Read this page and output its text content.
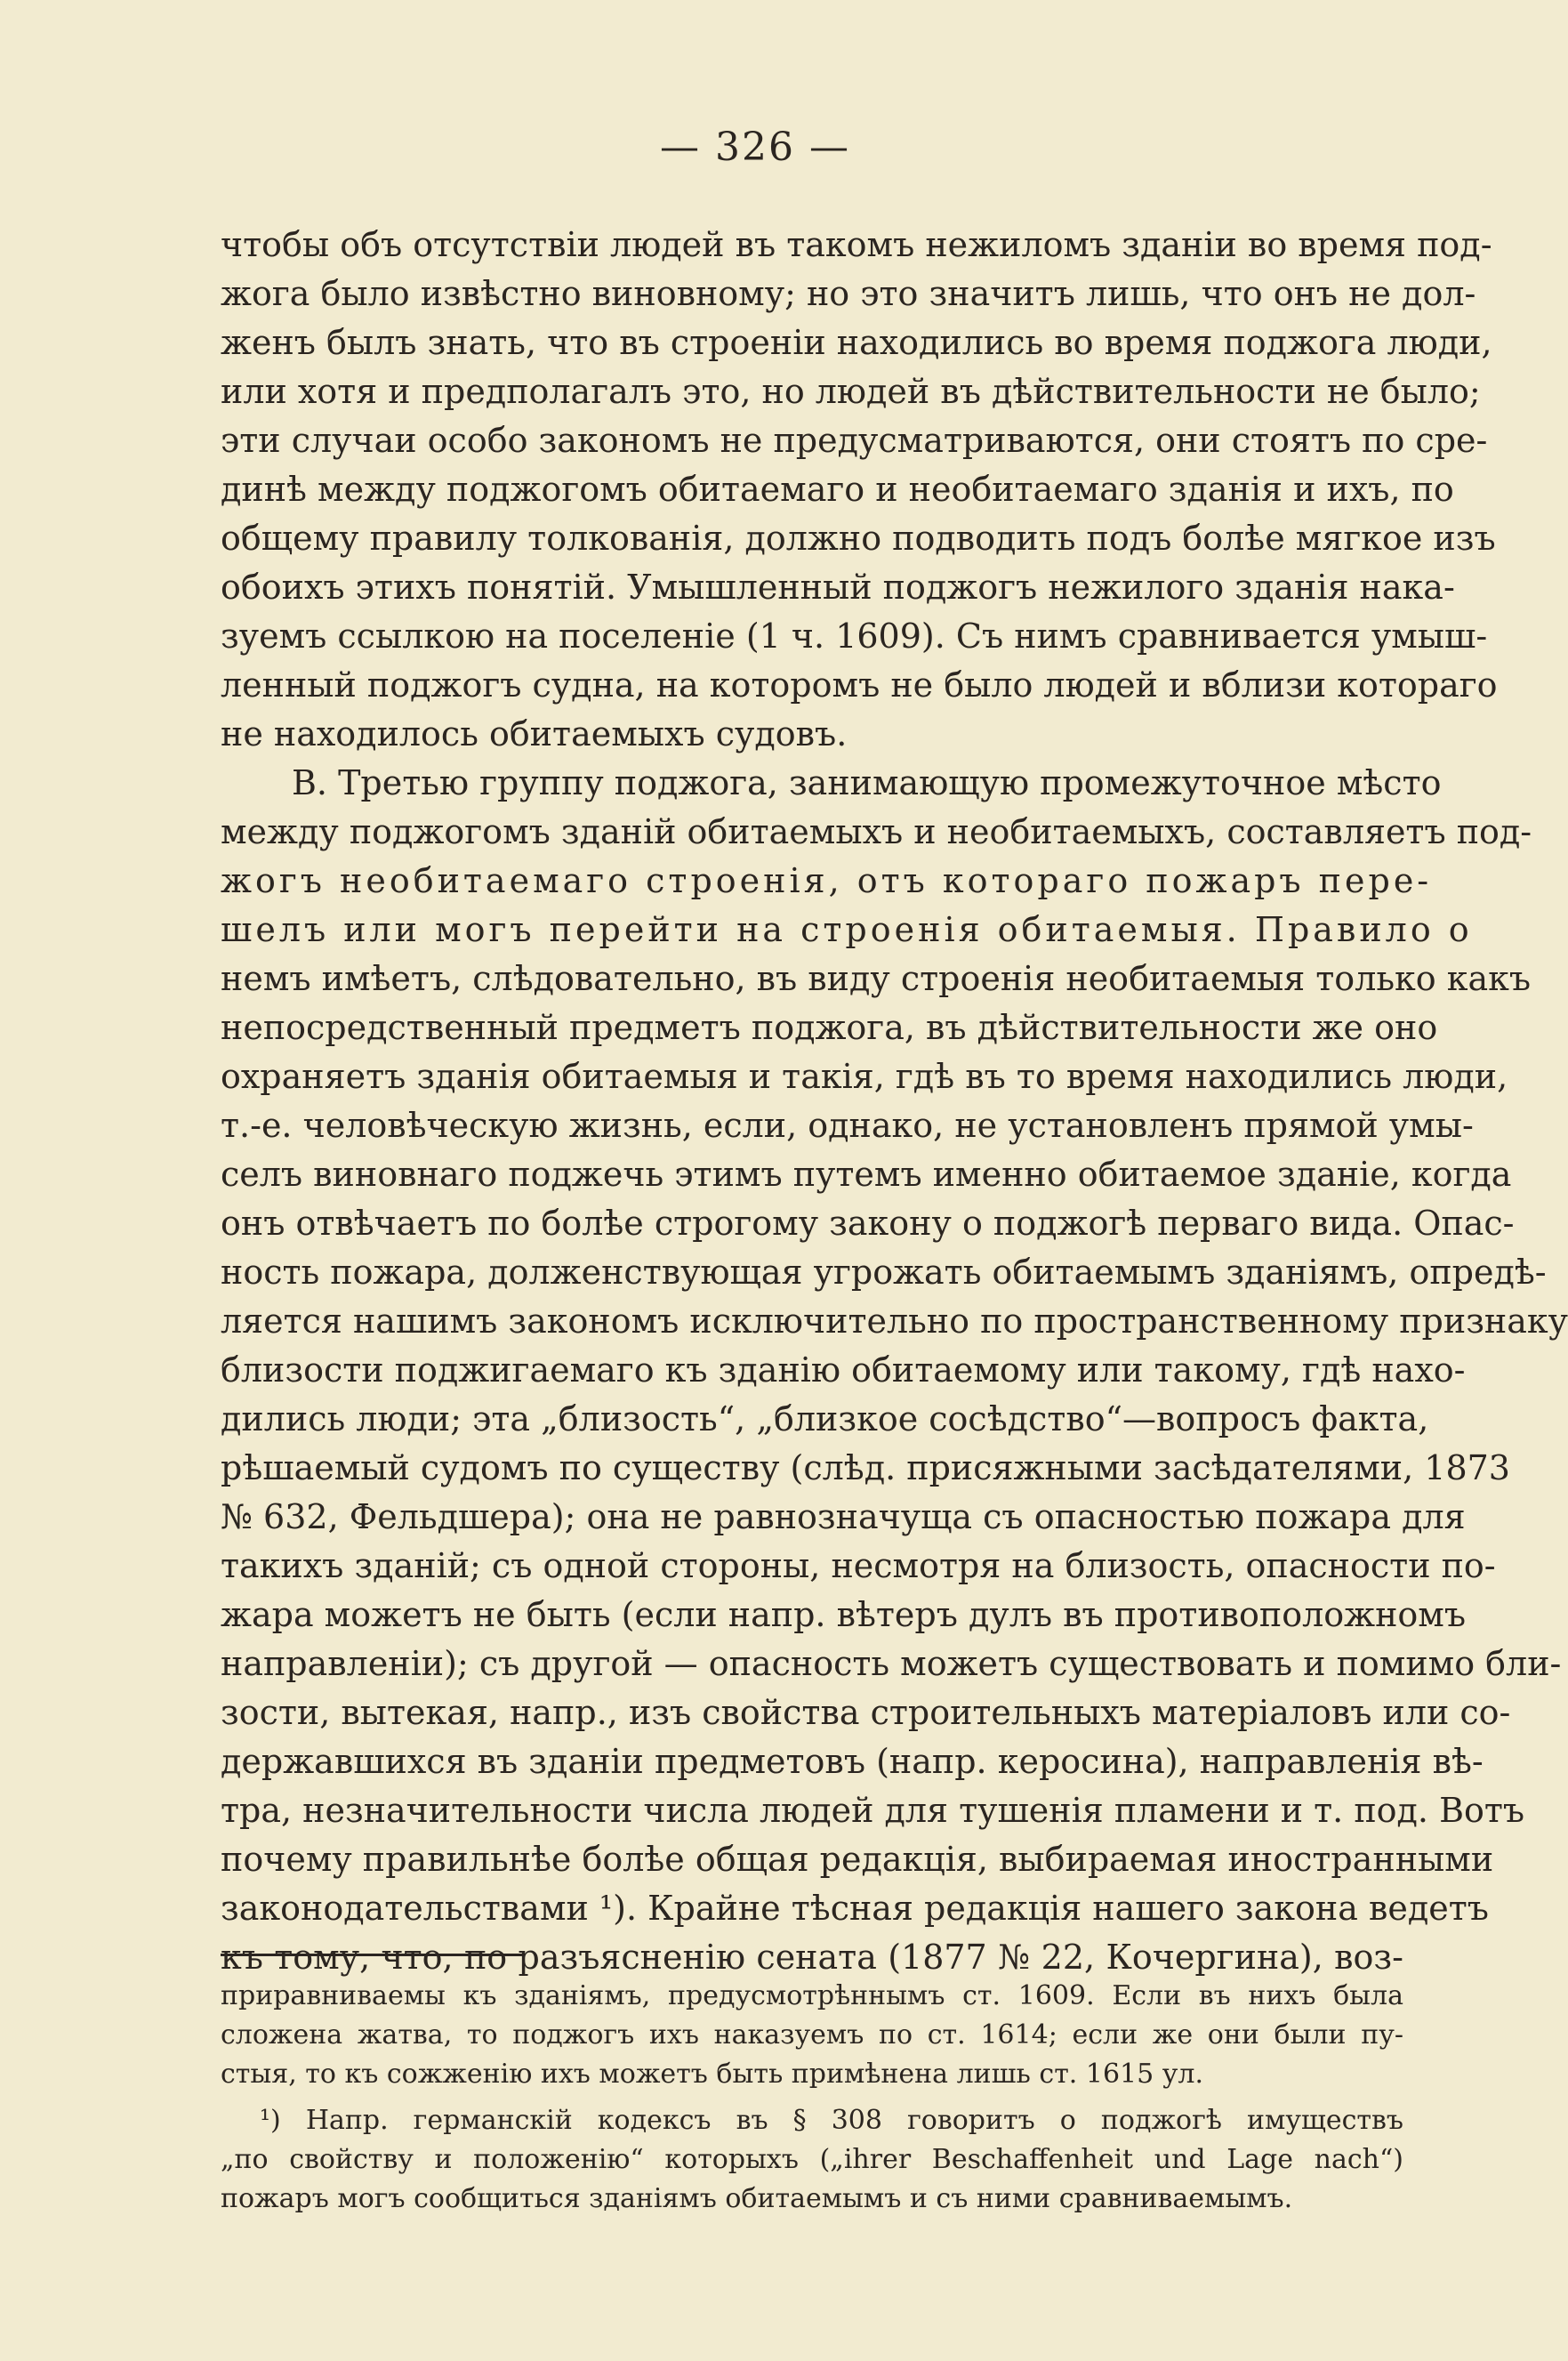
— 326 —
чтобы объ отсутствіи людей въ такомъ нежиломъ зданіи во время под-
жога было извѣстно виновному; но это значитъ лишь, что онъ не дол-
женъ былъ знать, что въ строеніи находились во время поджога люди,
или хотя и предполагалъ это, но людей въ дѣйствительности не было;
эти случаи особо закономъ не предусматриваются, они стоятъ по сре-
динѣ между поджогомъ обитаемаго и необитаемаго зданія и ихъ, по
общему правилу толкованія, должно подводить подъ болѣе мягкое изъ
обоихъ этихъ понятій. Умышленный поджогъ нежилого зданія нака-
зуемъ ссылкою на поселеніе (1 ч. 1609). Съ нимъ сравнивается умыш-
ленный поджогъ судна, на которомъ не было людей и вблизи котораго
не находилось обитаемыхъ судовъ.
В. Третью группу поджога, занимающую промежуточное мѣсто
между поджогомъ зданій обитаемыхъ и необитаемыхъ, составляетъ под-
жогъ необитаемаго строенія, отъ котораго пожаръ пере-
шелъ или могъ перейти на строенія обитаемыя. Правило о
немъ имѣетъ, слѣдовательно, въ виду строенія необитаемыя только какъ
непосредственный предметъ поджога, въ дѣйствительности же оно
охраняетъ зданія обитаемыя и такія, гдѣ въ то время находились люди,
т.-е. человѣческую жизнь, если, однако, не установленъ прямой умы-
селъ виновнаго поджечь этимъ путемъ именно обитаемое зданіе, когда
онъ отвѣчаетъ по болѣе строгому закону о поджогѣ перваго вида. Опас-
ность пожара, долженствующая угрожать обитаемымъ зданіямъ, опредѣ-
ляется нашимъ закономъ исключительно по пространственному признаку
близости поджигаемаго къ зданію обитаемому или такому, гдѣ нахо-
дились люди; эта „близость“, „близкое сосѣдство“—вопросъ факта,
рѣшаемый судомъ по существу (слѣд. присяжными засѣдателями, 1873
№ 632, Фельдшера); она не равнозначуща съ опасностью пожара для
такихъ зданій; съ одной стороны, несмотря на близость, опасности по-
жара можетъ не быть (если напр. вѣтеръ дулъ въ противоположномъ
направленіи); съ другой — опасность можетъ существовать и помимо бли-
зости, вытекая, напр., изъ свойства строительныхъ матеріаловъ или со-
державшихся въ зданіи предметовъ (напр. керосина), направленія вѣ-
тра, незначительности числа людей для тушенія пламени и т. под. Вотъ
почему правильнѣе болѣе общая редакція, выбираемая иностранными
законодательствами ¹). Крайне тѣсная редакція нашего закона ведетъ
къ тому, что, по разъясненію сената (1877 № 22, Кочергина), воз-
приравниваемы къ зданіямъ, предусмотрѣннымъ ст. 1609. Если въ нихъ была
сложена жатва, то поджогъ ихъ наказуемъ по ст. 1614; если же они были пу-
стыя, то къ сожженію ихъ можетъ быть примѣнена лишь ст. 1615 ул.
¹) Напр. германскій кодексъ въ § 308 говоритъ о поджогѣ имуществъ
„по свойству и положенію“ которыхъ („ihrer Beschaffenheit und Lage nach“)
пожаръ могъ сообщиться зданіямъ обитаемымъ и съ ними сравниваемымъ.
